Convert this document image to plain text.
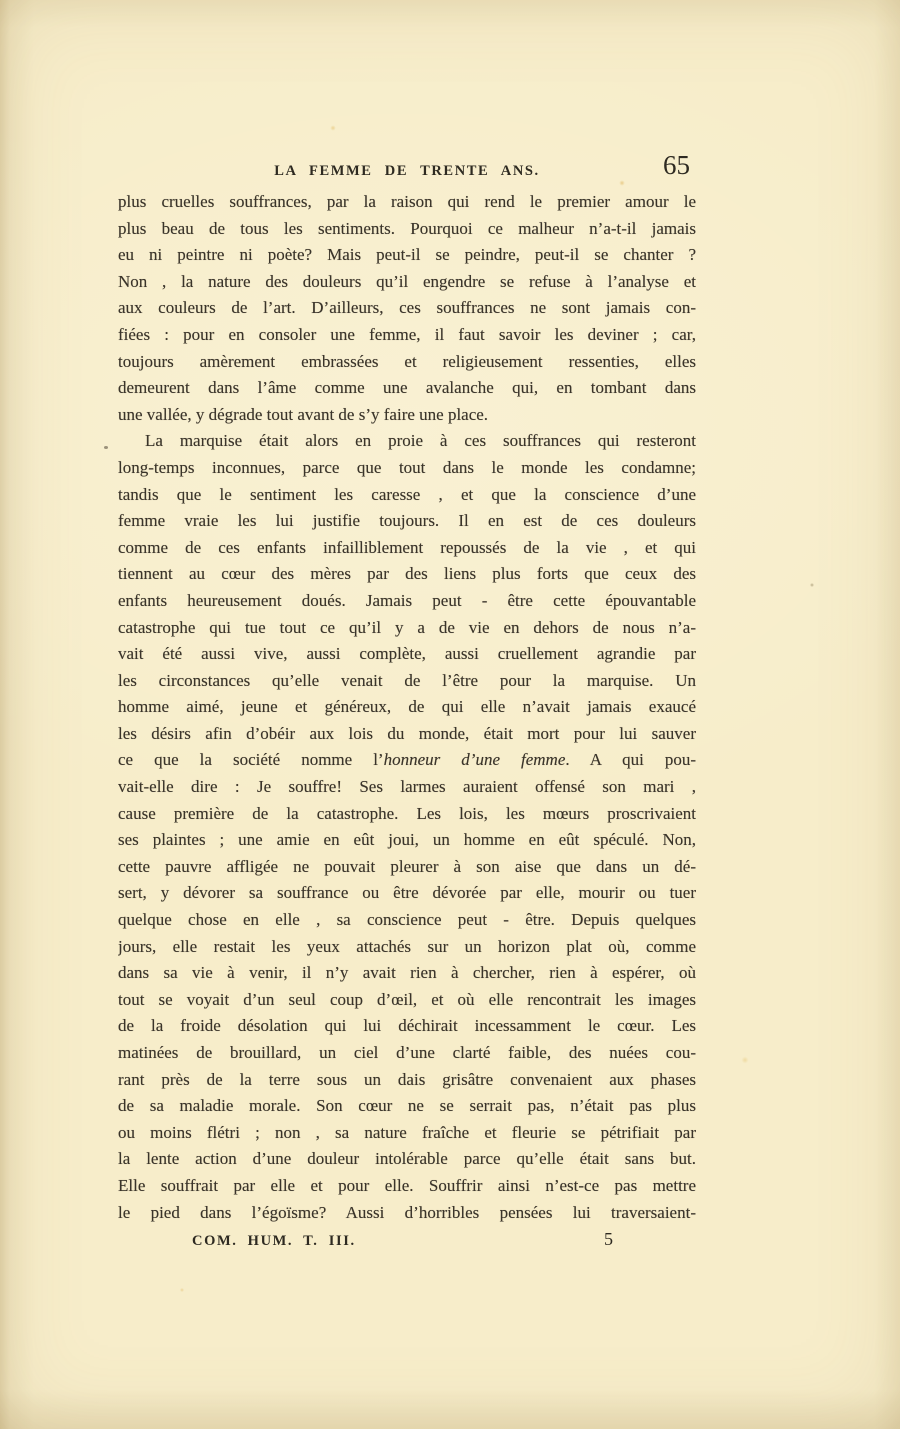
LA FEMME DE TRENTE ANS.	65
plus cruelles souffrances, par la raison qui rend le premier amour le
plus beau de tous les sentiments. Pourquoi ce malheur n’a-t-il jamais
eu ni peintre ni poète? Mais peut-il se peindre, peut-il se chanter ?
Non , la nature des douleurs qu’il engendre se refuse à l’analyse et
aux couleurs de l’art. D’ailleurs, ces souffrances ne sont jamais con-
fiées : pour en consoler une femme, il faut savoir les deviner ; car,
toujours amèrement embrassées et religieusement ressenties, elles
demeurent dans l’âme comme une avalanche qui, en tombant dans
une vallée, y dégrade tout avant de s’y faire une place.
La marquise était alors en proie à ces souffrances qui resteront
long-temps inconnues, parce que tout dans le monde les condamne;
tandis que le sentiment les caresse , et que la conscience d’une
femme vraie les lui justifie toujours. Il en est de ces douleurs
comme de ces enfants infailliblement repoussés de la vie , et qui
tiennent au cœur des mères par des liens plus forts que ceux des
enfants heureusement doués. Jamais peut - être cette épouvantable
catastrophe qui tue tout ce qu’il y a de vie en dehors de nous n’a-
vait été aussi vive, aussi complète, aussi cruellement agrandie par
les circonstances qu’elle venait de l’être pour la marquise. Un
homme aimé, jeune et généreux, de qui elle n’avait jamais exaucé
les désirs afin d’obéir aux lois du monde, était mort pour lui sauver
ce que la société nomme l’honneur d’une femme. A qui pou-
vait-elle dire : Je souffre! Ses larmes auraient offensé son mari ,
cause première de la catastrophe. Les lois, les mœurs proscrivaient
ses plaintes ; une amie en eût joui, un homme en eût spéculé. Non,
cette pauvre affligée ne pouvait pleurer à son aise que dans un dé-
sert, y dévorer sa souffrance ou être dévorée par elle, mourir ou tuer
quelque chose en elle , sa conscience peut - être. Depuis quelques
jours, elle restait les yeux attachés sur un horizon plat où, comme
dans sa vie à venir, il n’y avait rien à chercher, rien à espérer, où
tout se voyait d’un seul coup d’œil, et où elle rencontrait les images
de la froide désolation qui lui déchirait incessamment le cœur. Les
matinées de brouillard, un ciel d’une clarté faible, des nuées cou-
rant près de la terre sous un dais grisâtre convenaient aux phases
de sa maladie morale. Son cœur ne se serrait pas, n’était pas plus
ou moins flétri ; non , sa nature fraîche et fleurie se pétrifiait par
la lente action d’une douleur intolérable parce qu’elle était sans but.
Elle souffrait par elle et pour elle. Souffrir ainsi n’est-ce pas mettre
le pied dans l’égoïsme? Aussi d’horribles pensées lui traversaient-
COM. HUM. T. III.	5
